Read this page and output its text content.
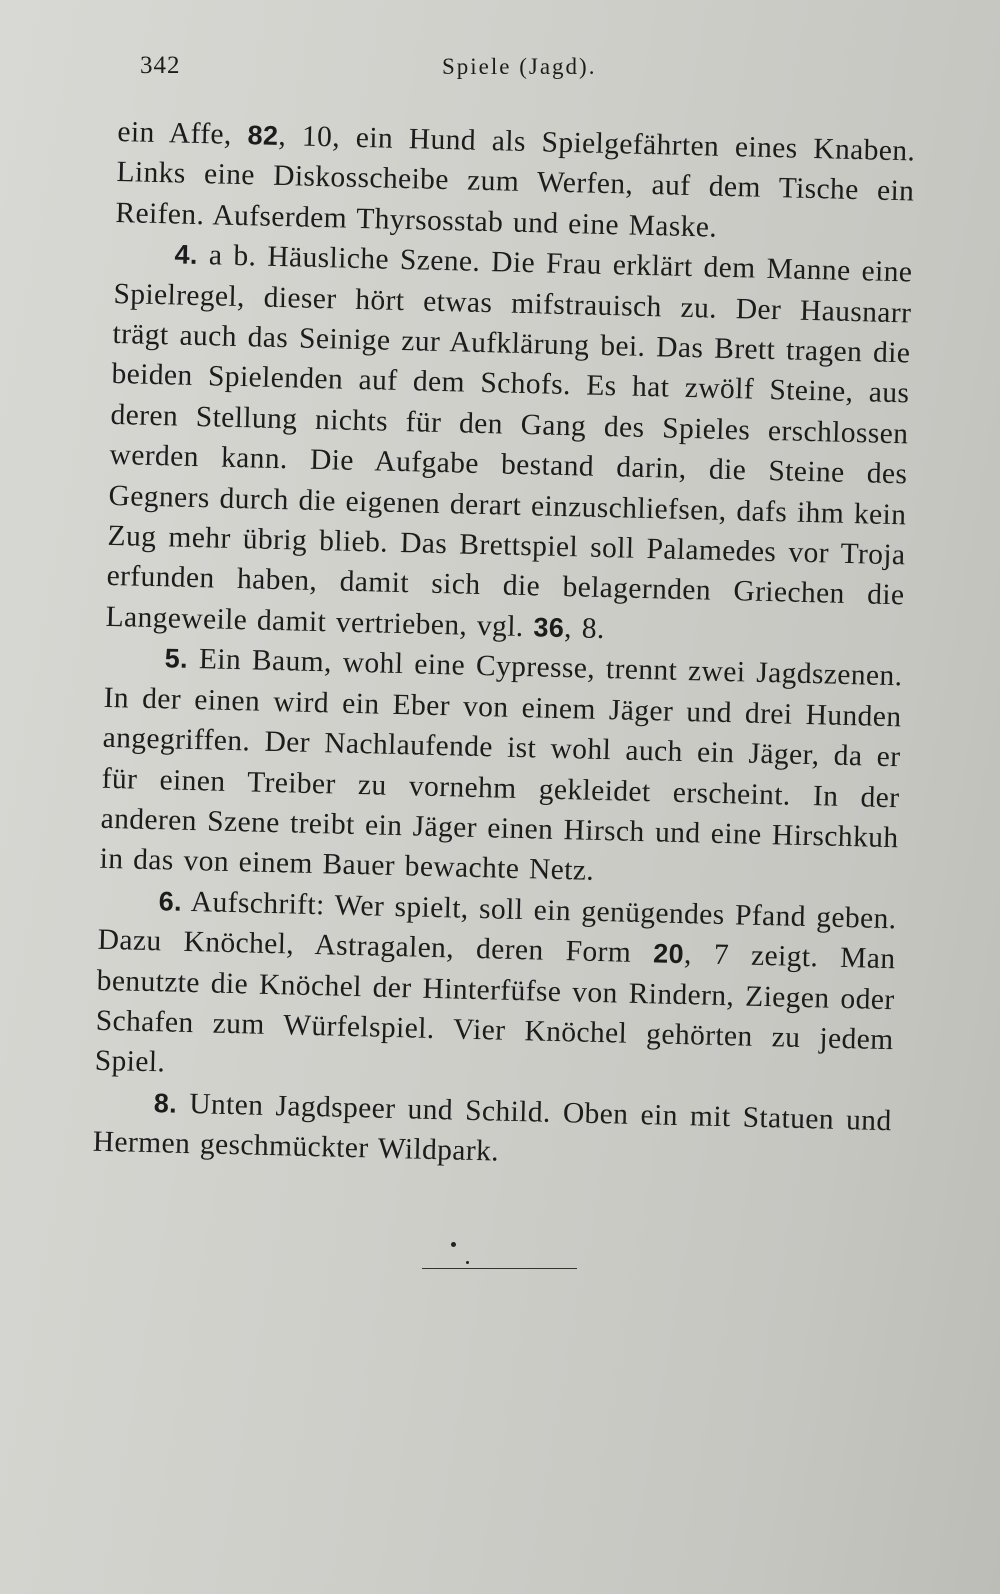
342	Spiele (Jagd).

ein Affe, 82, 10, ein Hund als Spielgefährten eines Knaben. Links eine Diskosscheibe zum Werfen, auf dem Tische ein Reifen. Aufserdem Thyrsosstab und eine Maske.

4. a b. Häusliche Szene. Die Frau erklärt dem Manne eine Spielregel, dieser hört etwas mifstrauisch zu. Der Hausnarr trägt auch das Seinige zur Aufklärung bei. Das Brett tragen die beiden Spielenden auf dem Schofs. Es hat zwölf Steine, aus deren Stellung nichts für den Gang des Spieles erschlossen werden kann. Die Aufgabe bestand darin, die Steine des Gegners durch die eigenen derart einzuschliefsen, dafs ihm kein Zug mehr übrig blieb. Das Brettspiel soll Palamedes vor Troja erfunden haben, damit sich die belagernden Griechen die Langeweile damit vertrieben, vgl. 36, 8.

5. Ein Baum, wohl eine Cypresse, trennt zwei Jagdszenen. In der einen wird ein Eber von einem Jäger und drei Hunden angegriffen. Der Nachlaufende ist wohl auch ein Jäger, da er für einen Treiber zu vornehm gekleidet erscheint. In der anderen Szene treibt ein Jäger einen Hirsch und eine Hirschkuh in das von einem Bauer bewachte Netz.

6. Aufschrift: Wer spielt, soll ein genügendes Pfand geben. Dazu Knöchel, Astragalen, deren Form 20, 7 zeigt. Man benutzte die Knöchel der Hinterfüfse von Rindern, Ziegen oder Schafen zum Würfelspiel. Vier Knöchel gehörten zu jedem Spiel.

8. Unten Jagdspeer und Schild. Oben ein mit Statuen und Hermen geschmückter Wildpark.
